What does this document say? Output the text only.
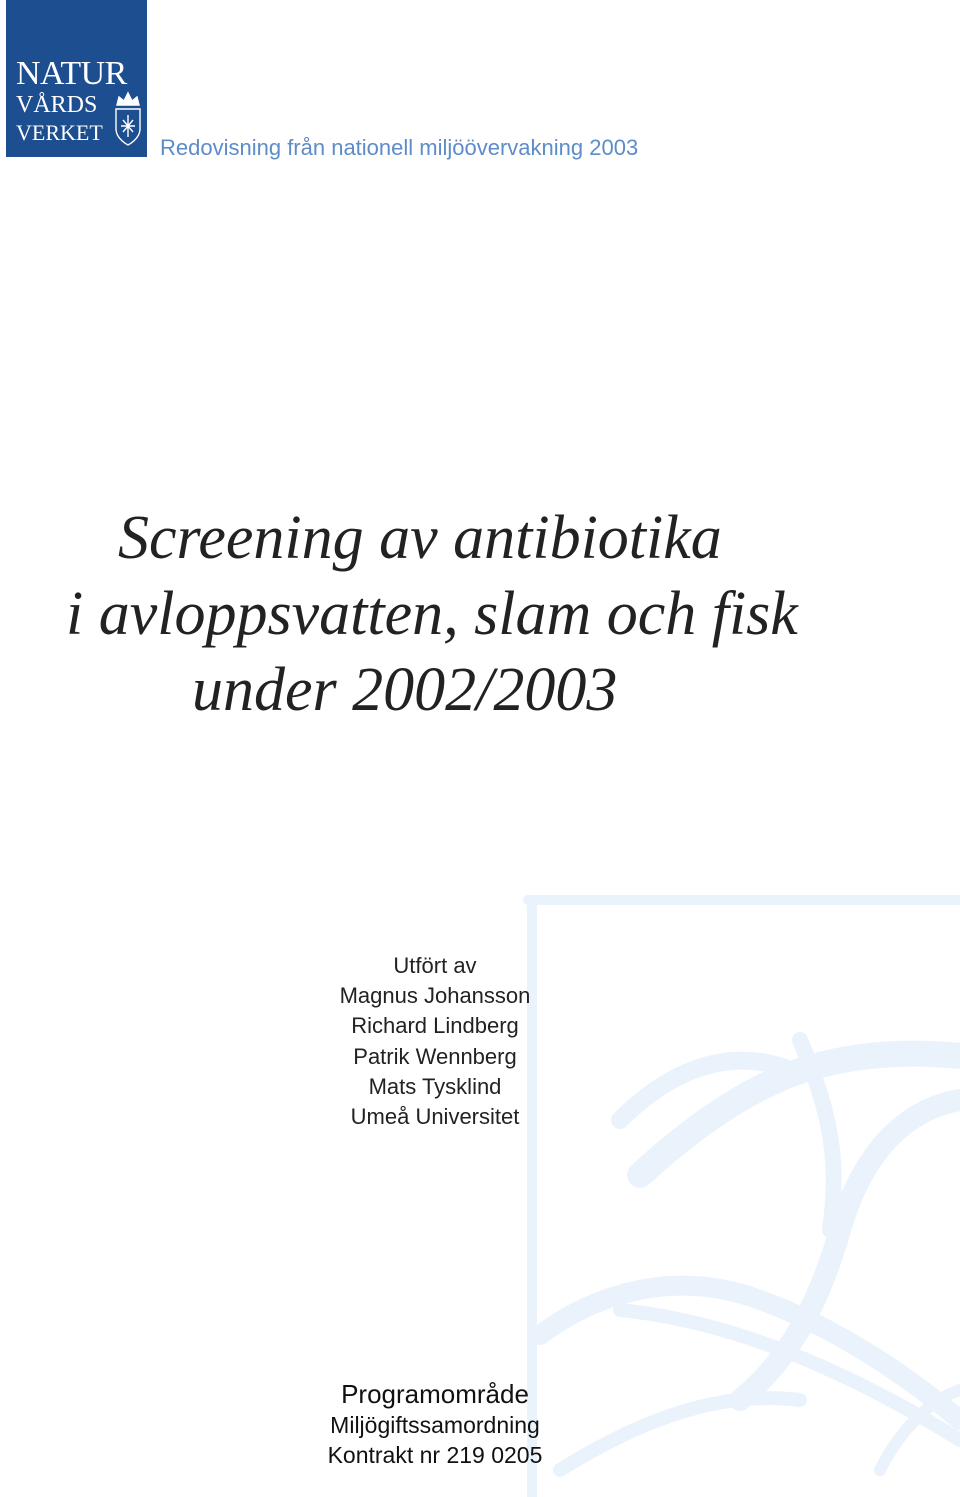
NATUR
VÅRDS
VERKET
Redovisning från nationell miljöövervakning 2003
Screening av antibiotika
i avloppsvatten, slam och fisk
under 2002/2003
Utfört av
Magnus Johansson
Richard Lindberg
Patrik Wennberg
Mats Tysklind
Umeå Universitet
Programområde
Miljögiftssamordning
Kontrakt nr 219 0205
